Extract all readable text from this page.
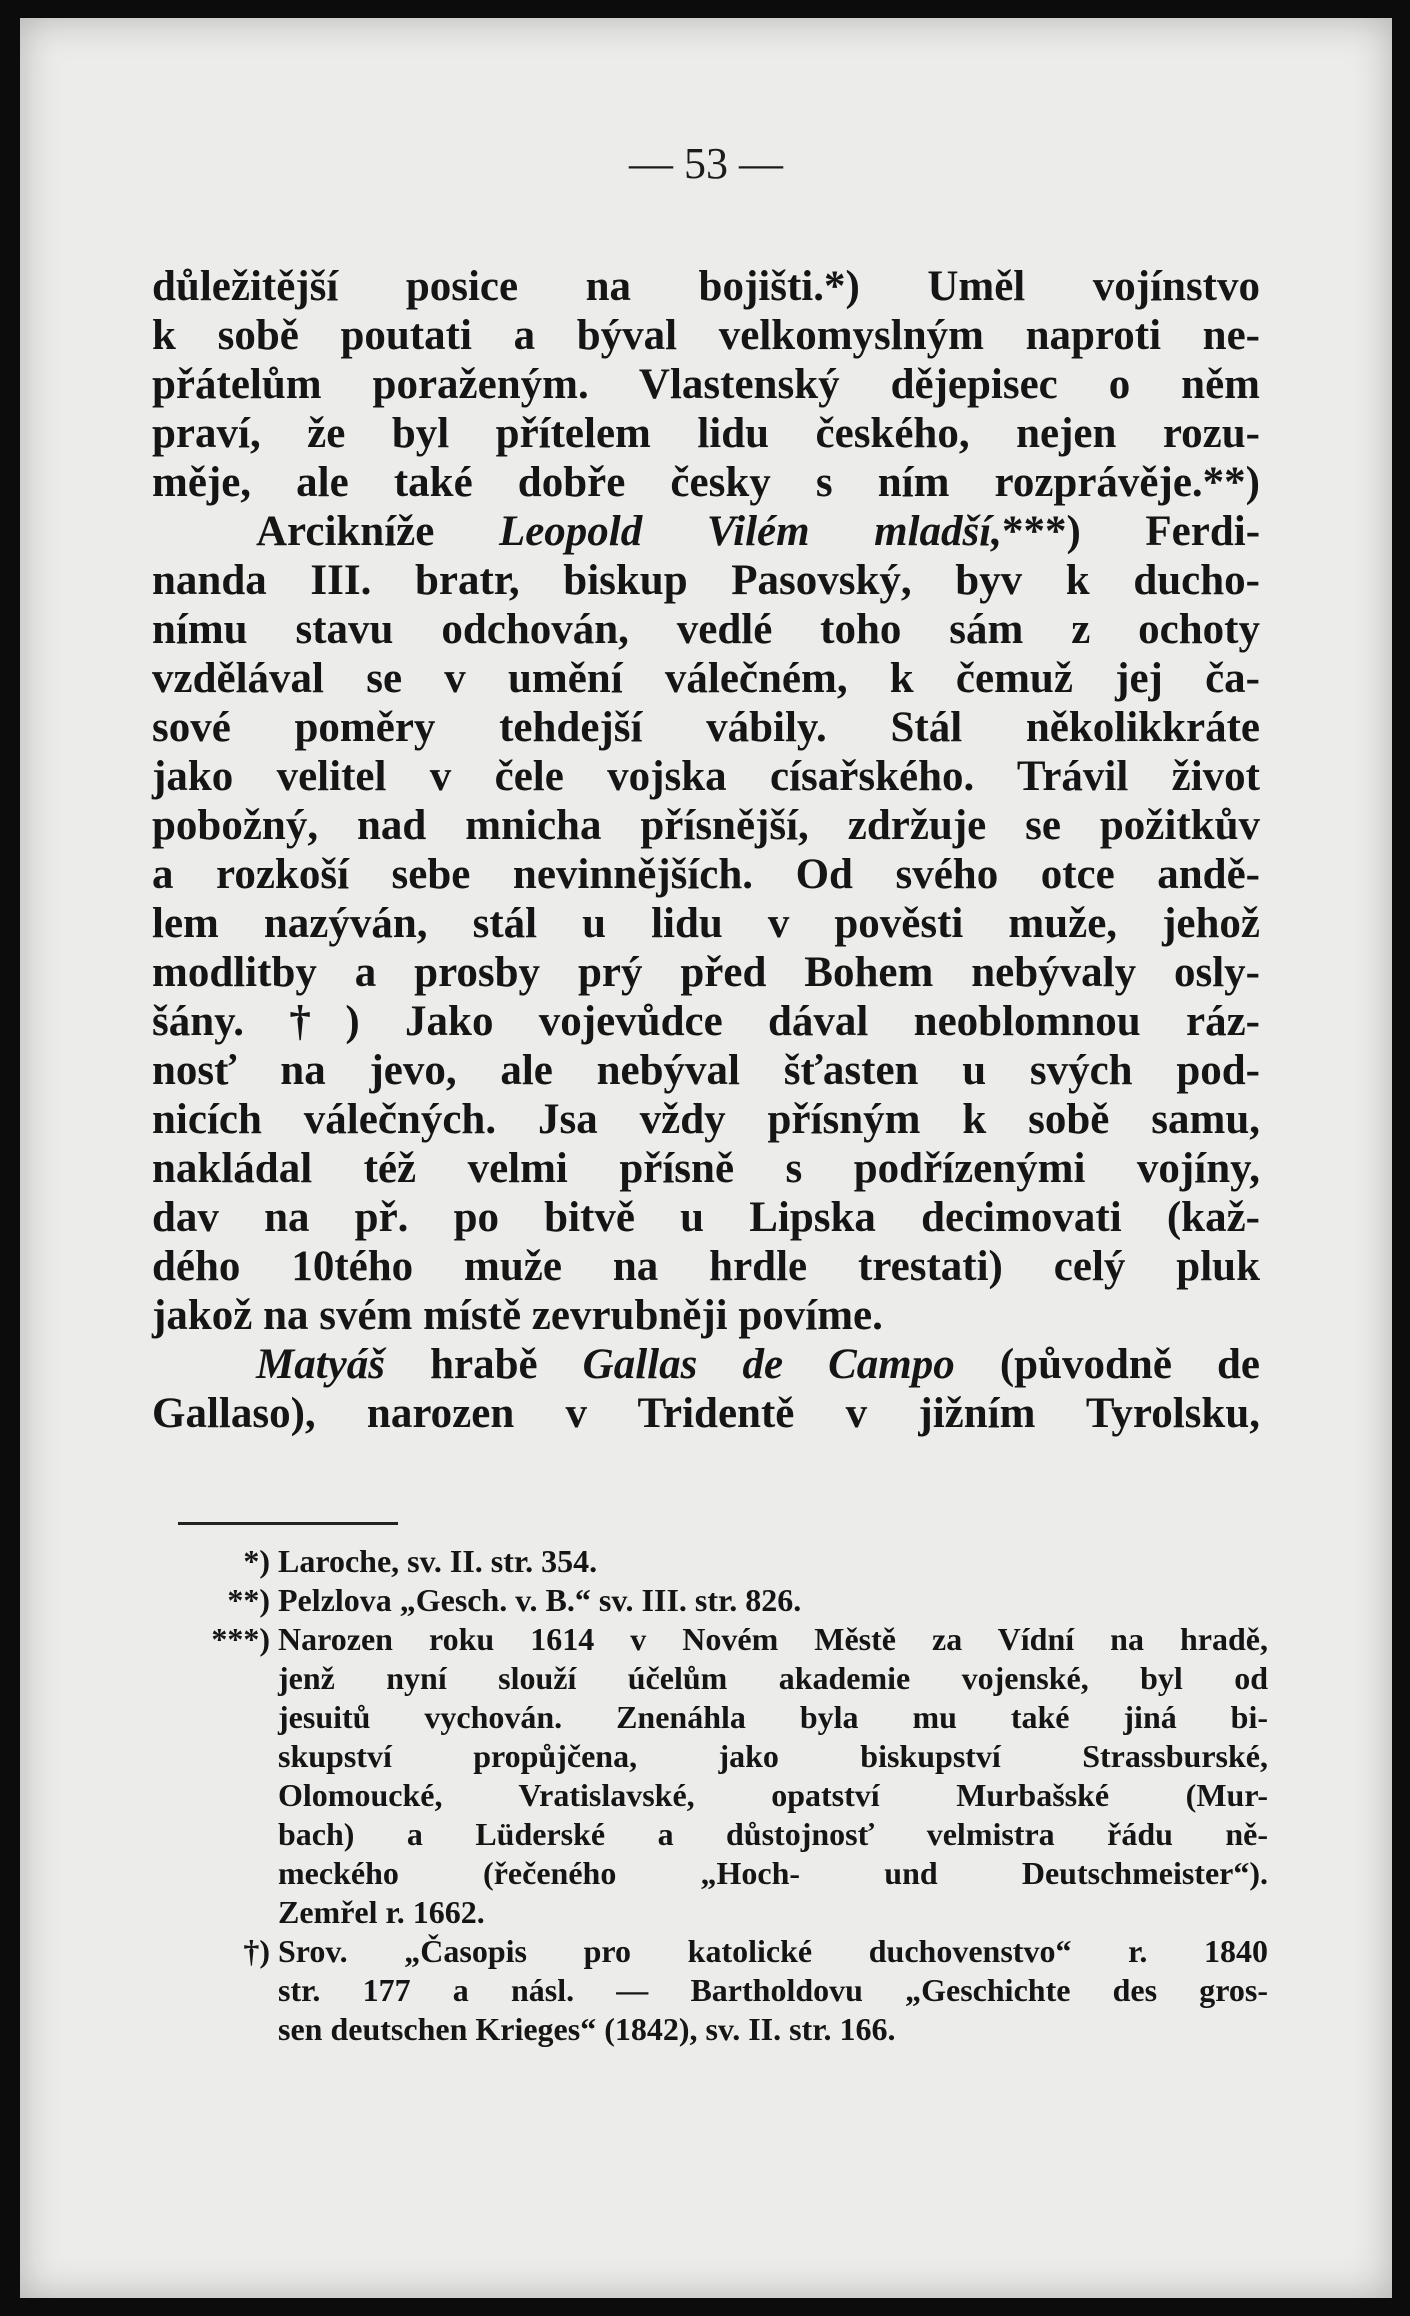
— 53 —
důležitější posice na bojišti.*) Uměl vojínstvo
k sobě poutati a býval velkomyslným naproti ne-
přátelům poraženým. Vlastenský dějepisec o něm
praví, že byl přítelem lidu českého, nejen rozu-
měje, ale také dobře česky s ním rozprávěje.**)
Arcikníže Leopold Vilém mladší,***) Ferdi-
nanda III. bratr, biskup Pasovský, byv k ducho-
nímu stavu odchován, vedlé toho sám z ochoty
vzdělával se v umění válečném, k čemuž jej ča-
sové poměry tehdejší vábily. Stál několikkráte
jako velitel v čele vojska císařského. Trávil život
pobožný, nad mnicha přísnější, zdržuje se požitkův
a rozkoší sebe nevinnějších. Od svého otce andě-
lem nazýván, stál u lidu v pověsti muže, jehož
modlitby a prosby prý před Bohem nebývaly osly-
šány. †) Jako vojevůdce dával neoblomnou ráz-
nosť na jevo, ale nebýval šťasten u svých pod-
nicích válečných. Jsa vždy přísným k sobě samu,
nakládal též velmi přísně s podřízenými vojíny,
dav na př. po bitvě u Lipska decimovati (kaž-
dého 10tého muže na hrdle trestati) celý pluk
jakož na svém místě zevrubněji povíme.
Matyáš hrabě Gallas de Campo (původně de
Gallaso), narozen v Tridentě v jižním Tyrolsku,
*) Laroche, sv. II. str. 354.
**) Pelzlova „Gesch. v. B.“ sv. III. str. 826.
***) Narozen roku 1614 v Novém Městě za Vídní na hradě,
jenž nyní slouží účelům akademie vojenské, byl od
jesuitů vychován. Znenáhla byla mu také jiná bi-
skupství propůjčena, jako biskupství Strassburské,
Olomoucké, Vratislavské, opatství Murbašské (Mur-
bach) a Lüderské a důstojnosť velmistra řádu ně-
meckého (řečeného „Hoch- und Deutschmeister“).
Zemřel r. 1662.
†) Srov. „Časopis pro katolické duchovenstvo“ r. 1840
str. 177 a násl. — Bartholdovu „Geschichte des gros-
sen deutschen Krieges“ (1842), sv. II. str. 166.
